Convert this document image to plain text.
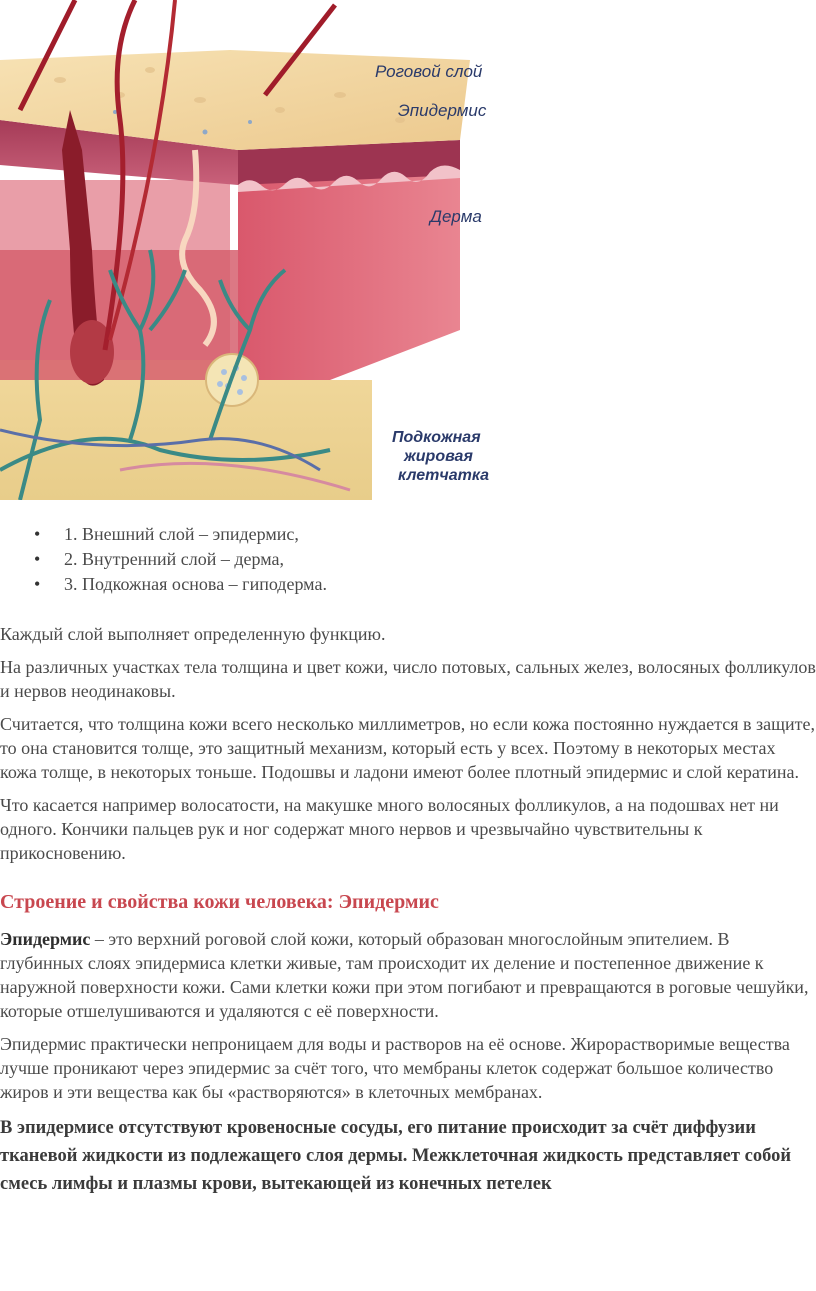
Роговой слой
Эпидермис
Дерма
Подкожная
жировая
клетчатка
• 1. Внешний слой – эпидермис,
• 2. Внутренний слой – дерма,
• 3. Подкожная основа – гиподерма.

Каждый слой выполняет определенную функцию.

На различных участках тела толщина и цвет кожи, число потовых, сальных желез, волосяных фолликулов и нервов неодинаковы.

Считается, что толщина кожи всего несколько миллиметров, но если кожа постоянно нуждается в защите, то она становится толще, это защитный механизм, который есть у всех. Поэтому в некоторых местах кожа толще, в некоторых тоньше. Подошвы и ладони имеют более плотный эпидермис и слой кератина.

Что касается например волосатости, на макушке много волосяных фолликулов, а на подошвах нет ни одного. Кончики пальцев рук и ног содержат много нервов и чрезвычайно чувствительны к прикосновению.

Строение и свойства кожи человека: Эпидермис

Эпидермис – это верхний роговой слой кожи, который образован многослойным эпителием. В глубинных слоях эпидермиса клетки живые, там происходит их деление и постепенное движение к наружной поверхности кожи. Сами клетки кожи при этом погибают и превращаются в роговые чешуйки, которые отшелушиваются и удаляются с её поверхности.

Эпидермис практически непроницаем для воды и растворов на её основе. Жирорастворимые вещества лучше проникают через эпидермис за счёт того, что мембраны клеток содержат большое количество жиров и эти вещества как бы «растворяются» в клеточных мембранах.

В эпидермисе отсутствуют кровеносные сосуды, его питание происходит за счёт диффузии тканевой жидкости из подлежащего слоя дермы. Межклеточная жидкость представляет собой смесь лимфы и плазмы крови, вытекающей из конечных петелек
